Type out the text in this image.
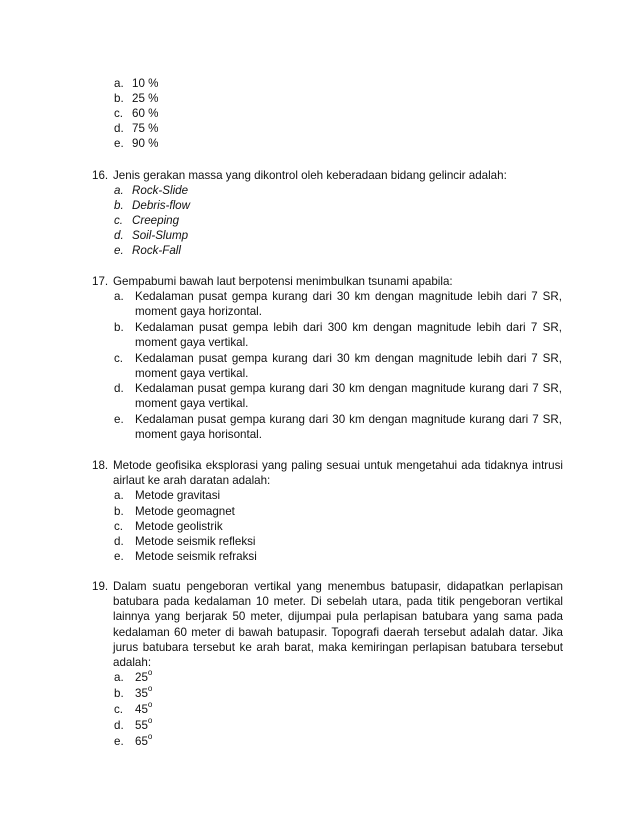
a. 10 %
b. 25 %
c. 60 %
d. 75 %
e. 90 %
16. Jenis gerakan massa yang dikontrol oleh keberadaan bidang gelincir adalah:
a. Rock-Slide
b. Debris-flow
c. Creeping
d. Soil-Slump
e. Rock-Fall
17. Gempabumi bawah laut berpotensi menimbulkan tsunami apabila:
a. Kedalaman pusat gempa kurang dari 30 km dengan magnitude lebih dari 7 SR, moment gaya horizontal.
b. Kedalaman pusat gempa lebih dari 300 km dengan magnitude lebih dari 7 SR, moment gaya vertikal.
c.	Kedalaman pusat gempa kurang dari 30 km dengan magnitude lebih dari 7 SR, moment gaya vertikal.
d. Kedalaman pusat gempa kurang dari 30 km dengan magnitude kurang dari 7 SR, moment gaya vertikal.
e. Kedalaman pusat gempa kurang dari 30 km dengan magnitude kurang dari 7 SR, moment gaya horisontal.
18. Metode geofisika eksplorasi yang paling sesuai untuk mengetahui ada tidaknya intrusi airlaut ke arah daratan adalah:
a. Metode gravitasi
b. Metode geomagnet
c. Metode geolistrik
d. Metode seismik refleksi
e. Metode seismik refraksi
19. Dalam suatu pengeboran vertikal yang menembus batupasir, didapatkan perlapisan batubara pada kedalaman 10 meter. Di sebelah utara, pada titik pengeboran vertikal lainnya yang berjarak 50 meter, dijumpai pula perlapisan batubara yang sama pada kedalaman 60 meter di bawah batupasir. Topografi daerah tersebut adalah datar. Jika jurus batubara tersebut ke arah barat, maka kemiringan perlapisan batubara tersebut adalah:
a. 25$^o$
b. 35$^o$
c. 45$^o$
d. 55$^o$
e. 65$^o$
